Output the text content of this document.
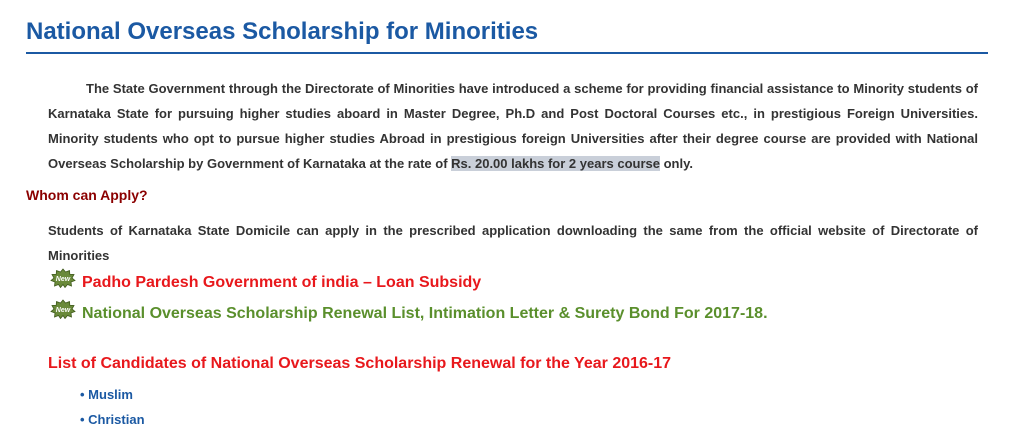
National Overseas Scholarship for Minorities
The State Government through the Directorate of Minorities have introduced a scheme for providing financial assistance to Minority students of Karnataka State for pursuing higher studies aboard in Master Degree, Ph.D and Post Doctoral Courses etc., in prestigious Foreign Universities. Minority students who opt to pursue higher studies Abroad in prestigious foreign Universities after their degree course are provided with National Overseas Scholarship by Government of Karnataka at the rate of Rs. 20.00 lakhs for 2 years course only.
Whom can Apply?
Students of Karnataka State Domicile can apply in the prescribed application downloading the same from the official website of Directorate of Minorities
New Padho Pardesh Government of india – Loan Subsidy
New National Overseas Scholarship Renewal List, Intimation Letter & Surety Bond For 2017-18.
List of Candidates of National Overseas Scholarship Renewal for the Year 2016-17
• Muslim
• Christian
